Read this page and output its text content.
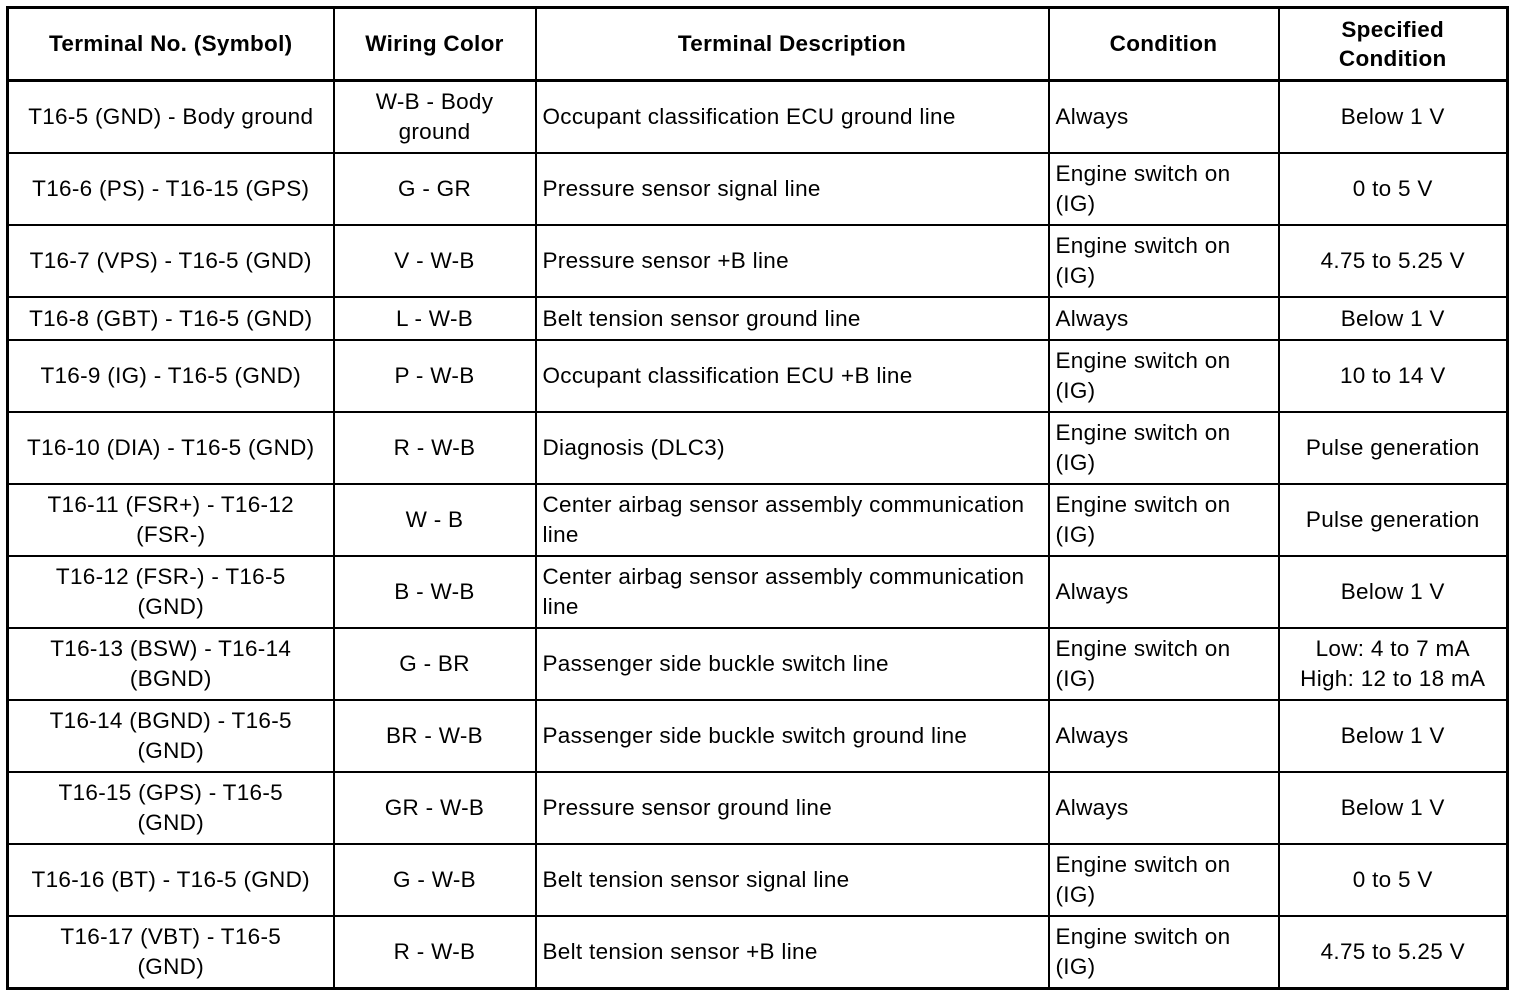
Terminal No. (Symbol)	Wiring Color	Terminal Description	Condition	Specified
Condition
T16-5 (GND) - Body ground	W-B - Body ground	Occupant classification ECU ground line	Always	Below 1 V
T16-6 (PS) - T16-15 (GPS)	G - GR	Pressure sensor signal line	Engine switch on (IG)	0 to 5 V
T16-7 (VPS) - T16-5 (GND)	V - W-B	Pressure sensor +B line	Engine switch on (IG)	4.75 to 5.25 V
T16-8 (GBT) - T16-5 (GND)	L - W-B	Belt tension sensor ground line	Always	Below 1 V
T16-9 (IG) - T16-5 (GND)	P - W-B	Occupant classification ECU +B line	Engine switch on (IG)	10 to 14 V
T16-10 (DIA) - T16-5 (GND)	R - W-B	Diagnosis (DLC3)	Engine switch on (IG)	Pulse generation
T16-11 (FSR+) - T16-12 (FSR-)	W - B	Center airbag sensor assembly communication line	Engine switch on (IG)	Pulse generation
T16-12 (FSR-) - T16-5 (GND)	B - W-B	Center airbag sensor assembly communication line	Always	Below 1 V
T16-13 (BSW) - T16-14 (BGND)	G - BR	Passenger side buckle switch line	Engine switch on (IG)	Low: 4 to 7 mA
High: 12 to 18 mA
T16-14 (BGND) - T16-5 (GND)	BR - W-B	Passenger side buckle switch ground line	Always	Below 1 V
T16-15 (GPS) - T16-5 (GND)	GR - W-B	Pressure sensor ground line	Always	Below 1 V
T16-16 (BT) - T16-5 (GND)	G - W-B	Belt tension sensor signal line	Engine switch on (IG)	0 to 5 V
T16-17 (VBT) - T16-5 (GND)	R - W-B	Belt tension sensor +B line	Engine switch on (IG)	4.75 to 5.25 V
